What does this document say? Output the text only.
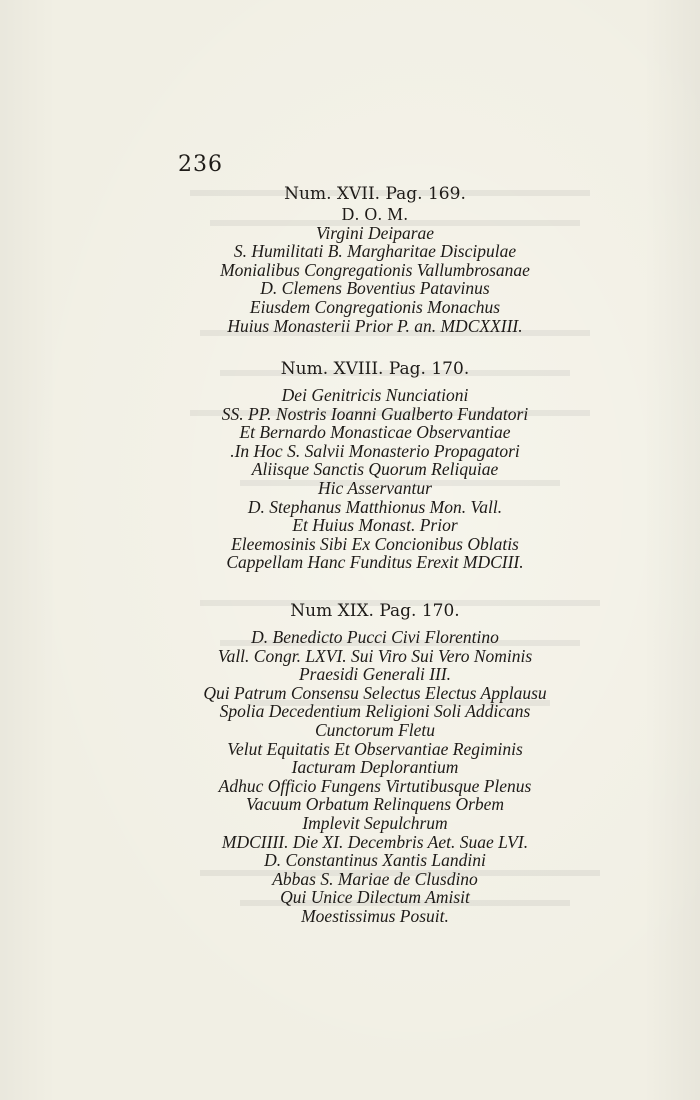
236
Num. XVII. Pag. 169.
D. O. M.
Virgini Deiparae
S. Humilitati B. Margharitae Discipulae
Monialibus Congregationis Vallumbrosanae
D. Clemens Boventius Patavinus
Eiusdem Congregationis Monachus
Huius Monasterii Prior P. an. MDCXXIII.
Num. XVIII. Pag. 170.
Dei Genitricis Nunciationi
SS. PP. Nostris Ioanni Gualberto Fundatori
Et Bernardo Monasticae Observantiae
.In Hoc S. Salvii Monasterio Propagatori
Aliisque Sanctis Quorum Reliquiae
Hic Asservantur
D. Stephanus Matthionus Mon. Vall.
Et Huius Monast. Prior
Eleemosinis Sibi Ex Concionibus Oblatis
Cappellam Hanc Funditus Erexit MDCIII.
Num XIX. Pag. 170.
D. Benedicto Pucci Civi Florentino
Vall. Congr. LXVI. Sui Viro Sui Vero Nominis
Praesidi Generali III.
Qui Patrum Consensu Selectus Electus Applausu
Spolia Decedentium Religioni Soli Addicans
Cunctorum Fletu
Velut Equitatis Et Observantiae Regiminis
Iacturam Deplorantium
Adhuc Officio Fungens Virtutibusque Plenus
Vacuum Orbatum Relinquens Orbem
Implevit Sepulchrum
MDCIIII. Die XI. Decembris Aet. Suae LVI.
D. Constantinus Xantis Landini
Abbas S. Mariae de Clusdino
Qui Unice Dilectum Amisit
Moestissimus Posuit.
